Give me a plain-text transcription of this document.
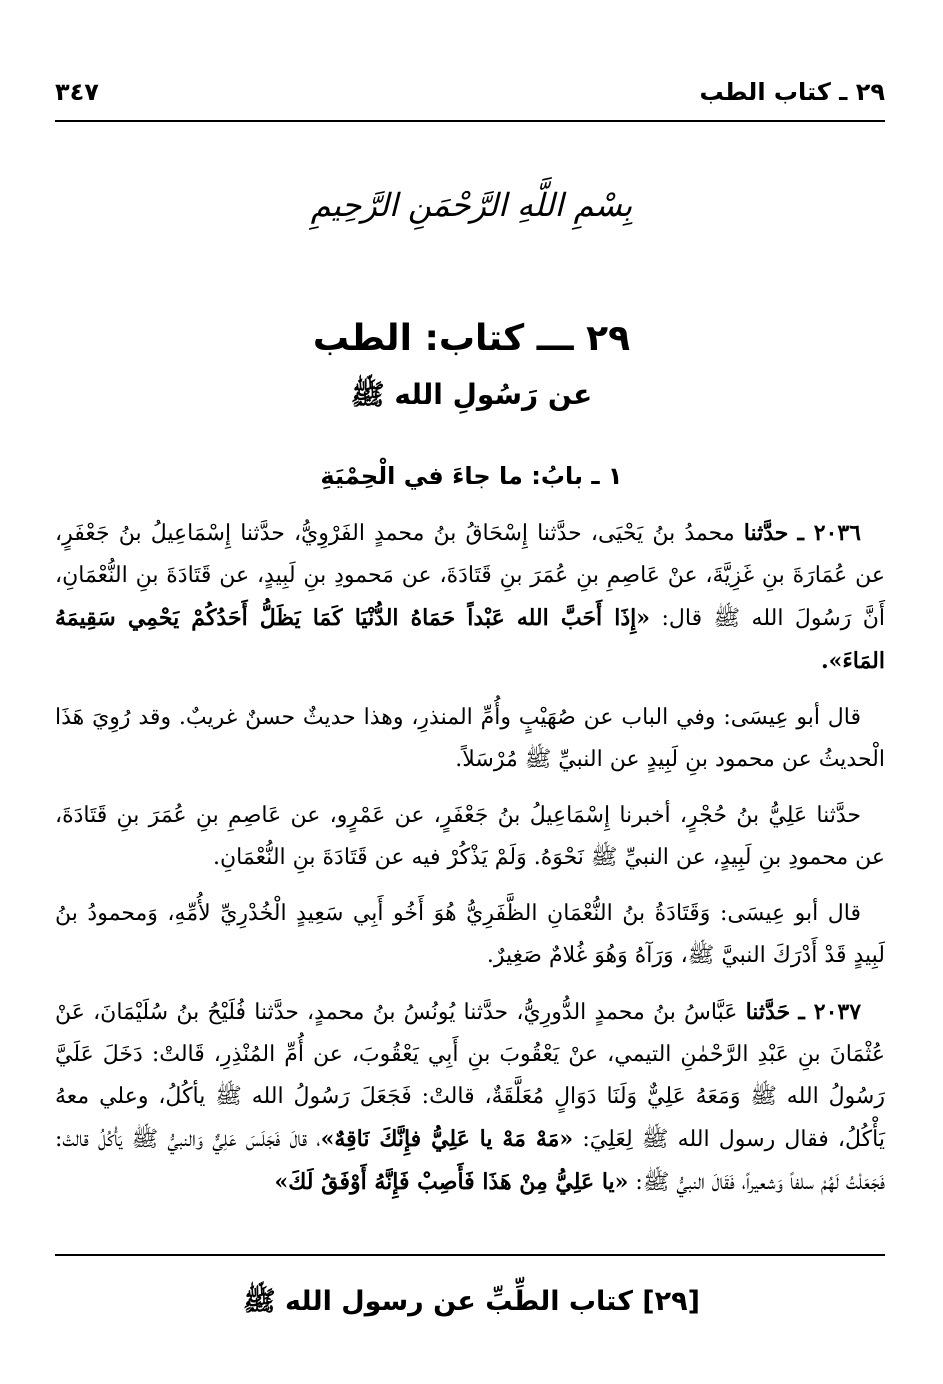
٢٩ ـ كتاب الطب
٣٤٧
بِسْمِ اللَّهِ الرَّحْمَنِ الرَّحِيمِ
٢٩ ـــ كتاب: الطب
عن رَسُولِ الله ﷺ
١ ـ بابُ: ما جاءَ في الْحِمْيَةِ

٢٠٣٦ ـ حدَّثنا محمدُ بنُ يَحْيَى، حدَّثنا إِسْحَاقُ بنُ محمدٍ الفَرْوِيُّ، حدَّثنا إِسْمَاعِيلُ بنُ جَعْفَرٍ، عن عُمَارَةَ بنِ غَزِيَّةَ، عنْ عَاصِمِ بنِ عُمَرَ بنِ قَتَادَةَ، عن مَحمودِ بنِ لَبِيدٍ، عن قَتَادَةَ بنِ النُّعْمَانِ، أَنَّ رَسُولَ الله ﷺ قال: «إِذَا أَحَبَّ الله عَبْداً حَمَاهُ الدُّنْيَا كَمَا يَظَلُّ أَحَدُكُمْ يَحْمِي سَقِيمَهُ المَاءَ».

قال أبو عِيسَى: وفي الباب عن صُهَيْبٍ وأُمِّ المنذرِ، وهذا حديثٌ حسنٌ غريبٌ. وقد رُوِيَ هَذَا الْحديثُ عن محمود بنِ لَبِيدٍ عن النبيِّ ﷺ مُرْسَلاً.

حدَّثنا عَلِيُّ بنُ حُجْرٍ، أخبرنا إِسْمَاعِيلُ بنُ جَعْفَرٍ، عن عَمْرٍو، عن عَاصِمِ بنِ عُمَرَ بنِ قَتَادَةَ، عن محمودِ بنِ لَبِيدٍ، عن النبيِّ ﷺ نَحْوَهُ. وَلَمْ يَذْكُرْ فيه عن قَتَادَةَ بنِ النُّعْمَانِ.

قال أبو عِيسَى: وَقَتَادَةُ بنُ النُّعْمَانِ الظَّفَرِيُّ هُوَ أَخُو أَبِي سَعِيدٍ الْخُدْرِيِّ لأُمِّهِ، وَمحمودُ بنُ لَبِيدٍ قَدْ أَدْرَكَ النبيَّ ﷺ، وَرَآهُ وَهُوَ غُلامٌ صَغِيرٌ.

٢٠٣٧ ـ حَدَّثنا عَبَّاسُ بنُ محمدٍ الدُّورِيُّ، حدَّثنا يُونُسُ بنُ محمدٍ، حدَّثنا فُلَيْحُ بنُ سُلَيْمَانَ، عَنْ عُثْمَانَ بنِ عَبْدِ الرَّحْمٰنِ التيمي، عنْ يَعْقُوبَ بنِ أَبِي يَعْقُوبَ، عن أُمِّ المُنْذِرِ، قَالتْ: دَخَلَ عَلَيَّ رَسُولُ الله ﷺ وَمَعَهُ عَلِيٌّ وَلَنَا دَوَالٍ مُعَلَّقَةٌ، قالتْ: فَجَعَلَ رَسُولُ الله ﷺ يأكُلُ، وعلي معهُ يَأْكُلُ، فقال رسول الله ﷺ لِعَلِيَ: «مَهْ مَهْ يا عَلِيُّ فإِنَّكَ نَاقِهٌ»، قالَ فَجَلَسَ عَلِيٌّ وَالنبيُّ ﷺ يَأْكُلُ قالتْ: فَجَعَلْتُ لَهُمْ سلفاً وَشعيراً، فَقَالَ النبيُّ ﷺ: «يا عَلِيُّ مِنْ هَذَا فَأَصِبْ فَإِنَّهُ أَوْفَقُ لَكَ»

[٢٩] كتاب الطِّبِّ عن رسول الله ﷺ
